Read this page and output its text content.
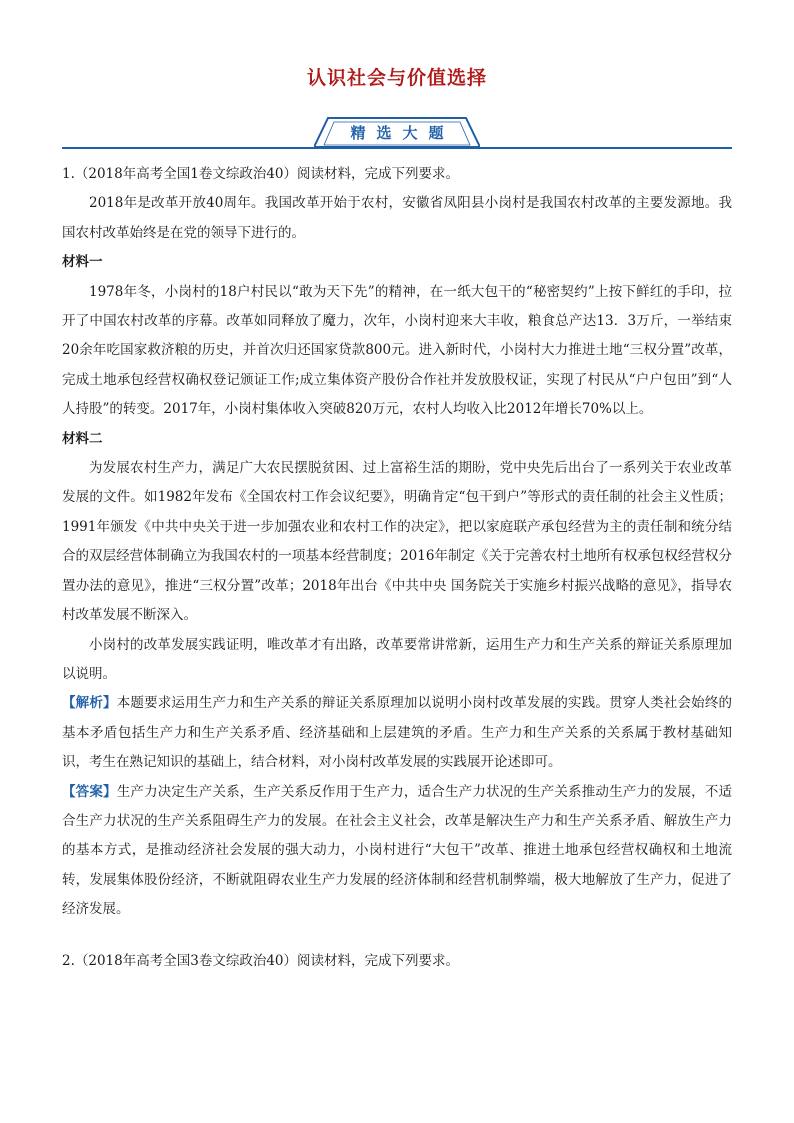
认识社会与价值选择
精选大题

1.（2018年高考全国1卷文综政治40）阅读材料，完成下列要求。

2018年是改革开放40周年。我国改革开始于农村，安徽省凤阳县小岗村是我国农村改革的主要发源地。我国农村改革始终是在党的领导下进行的。

材料一

1978年冬，小岗村的18户村民以“敢为天下先”的精神，在一纸大包干的“秘密契约”上按下鲜红的手印，拉开了中国农村改革的序幕。改革如同释放了魔力，次年，小岗村迎来大丰收，粮食总产达13．3万斤，一举结束20余年吃国家救济粮的历史，并首次归还国家贷款800元。进入新时代，小岗村大力推进土地“三权分置”改革，完成土地承包经营权确权登记颁证工作;成立集体资产股份合作社并发放股权证，实现了村民从“户户包田”到“人人持股”的转变。2017年，小岗村集体收入突破820万元，农村人均收入比2012年增长70%以上。

材料二

为发展农村生产力，满足广大农民摆脱贫困、过上富裕生活的期盼，党中央先后出台了一系列关于农业改革发展的文件。如1982年发布《全国农村工作会议纪要》，明确肯定“包干到户”等形式的责任制的社会主义性质；1991年颁发《中共中央关于进一步加强农业和农村工作的决定》，把以家庭联产承包经营为主的责任制和统分结合的双层经营体制确立为我国农村的一项基本经营制度；2016年制定《关于完善农村土地所有权承包权经营权分置办法的意见》，推进“三权分置”改革；2018年出台《中共中央 国务院关于实施乡村振兴战略的意见》，指导农村改革发展不断深入。

小岗村的改革发展实践证明，唯改革才有出路，改革要常讲常新，运用生产力和生产关系的辩证关系原理加以说明。

【解析】本题要求运用生产力和生产关系的辩证关系原理加以说明小岗村改革发展的实践。贯穿人类社会始终的基本矛盾包括生产力和生产关系矛盾、经济基础和上层建筑的矛盾。生产力和生产关系的关系属于教材基础知识，考生在熟记知识的基础上，结合材料，对小岗村改革发展的实践展开论述即可。

【答案】生产力决定生产关系，生产关系反作用于生产力，适合生产力状况的生产关系推动生产力的发展，不适合生产力状况的生产关系阻碍生产力的发展。在社会主义社会，改革是解决生产力和生产关系矛盾、解放生产力的基本方式，是推动经济社会发展的强大动力，小岗村进行“大包干”改革、推进土地承包经营权确权和土地流转，发展集体股份经济，不断就阻碍农业生产力发展的经济体制和经营机制弊端，极大地解放了生产力，促进了经济发展。

2.（2018年高考全国3卷文综政治40）阅读材料，完成下列要求。
